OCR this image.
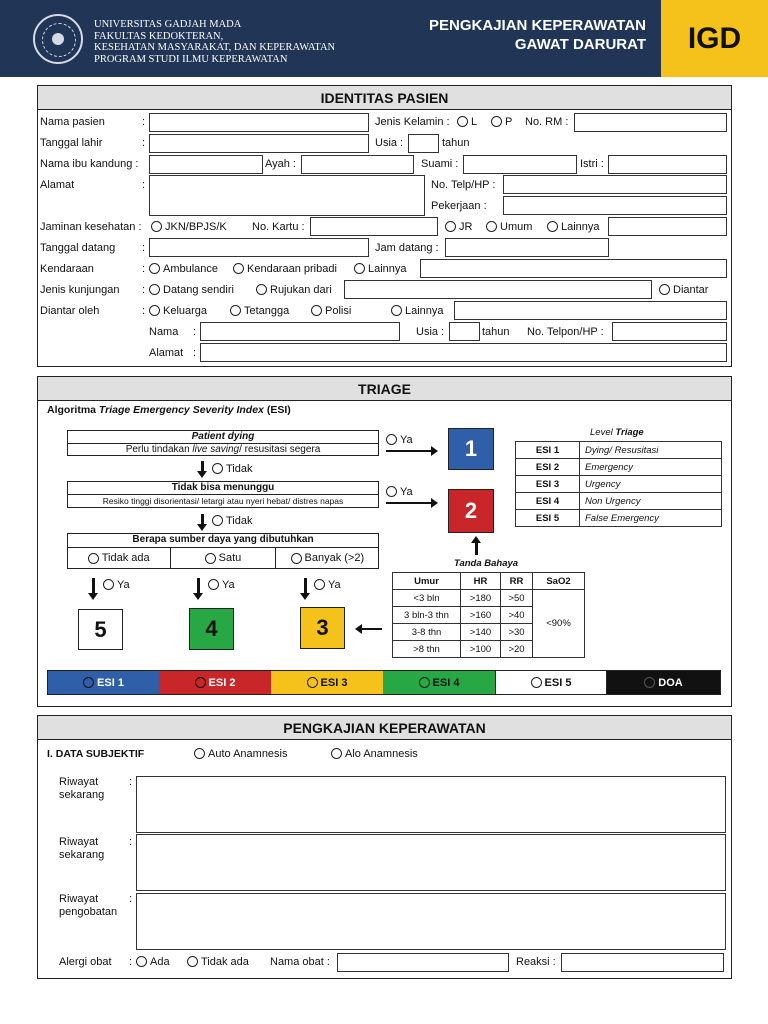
UNIVERSITAS GADJAH MADA
FAKULTAS KEDOKTERAN,
KESEHATAN MASYARAKAT, DAN KEPERAWATAN
PROGRAM STUDI ILMU KEPERAWATAN
PENGKAJIAN KEPERAWATAN
GAWAT DARURAT	IGD
IDENTITAS PASIEN
Nama pasien	:	Jenis Kelamin :	L	P No. RM :
Tanggal lahir	:	Usia :	tahun
Nama ibu kandung :	Ayah :	Suami :	Istri :
Alamat	:	No. Telp/HP :
Pekerjaan :
Jaminan kesehatan :	JKN/BPJS/K No. Kartu :	JR	Umum	Lainnya
Tanggal datang :	Jam datang :
Kendaraan	:	Ambulance	Kendaraan pribadi	Lainnya
Jenis kunjungan :	Datang sendiri	Rujukan dari	Diantar
Diantar oleh	:	Keluarga	Tetangga	Polisi	Lainnya
Nama :	Usia :	tahun No. Telpon/HP :
Alamat :
TRIAGE
Algoritma Triage Emergency Severity Index (ESI)
Patient dying
Perlu tindakan live saving/ resusitasi segera
Ya	1
Tidak
Tidak bisa menunggu
Resiko tinggi disorientasi/ letargi atau nyeri hebat/ distres napas
Ya
2
Tidak
Berapa sumber daya yang dibutuhkan
Tidak ada	Satu	Banyak (>2)
Ya	Ya	Ya
5	4	3
Level Triage
ESI 1	Dying/ Resusitasi
ESI 2	Emergency
ESI 3	Urgency
ESI 4	Non Urgency
ESI 5	False Emergency
Tanda Bahaya
Umur	HR	RR	SaO2
<3 bln	>180	>50	<90%
3 bln-3 thn	>160	>40	
3-8 thn	>140	>30	
>8 thn	>100	>20	
ESI 1	ESI 2	ESI 3	ESI 4	ESI 5	DOA
PENGKAJIAN KEPERAWATAN
I. DATA SUBJEKTIF	Auto Anamnesis	Alo Anamnesis
Riwayat
sekarang
:
Riwayat
sekarang
:
Riwayat
pengobatan
:
Alergi obat :	Ada	Tidak ada Nama obat :	Reaksi :
